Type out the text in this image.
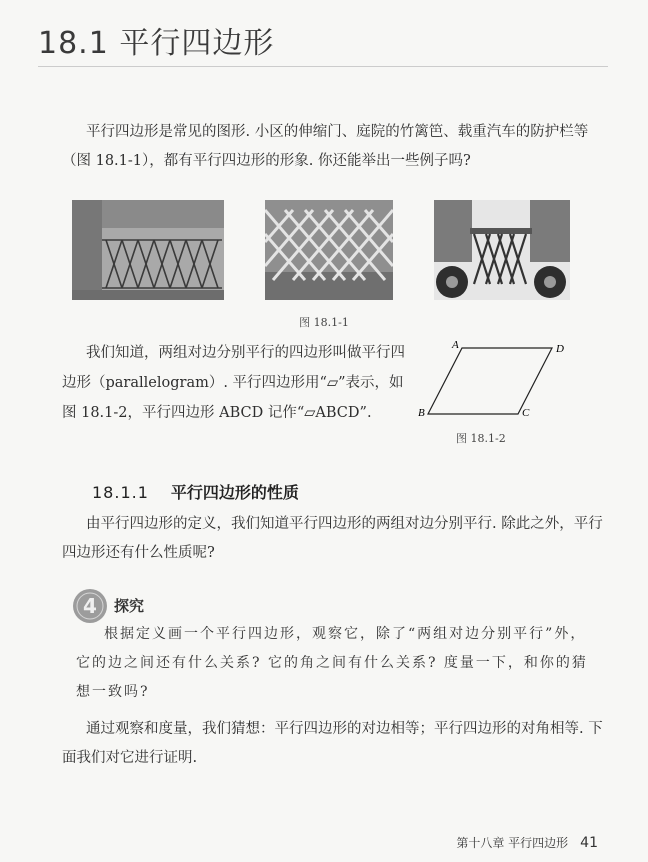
18.1 平行四边形
平行四边形是常见的图形. 小区的伸缩门、庭院的竹篱笆、载重汽车的防护栏等（图 18.1-1），都有平行四边形的形象. 你还能举出一些例子吗?
图 18.1-1
我们知道，两组对边分别平行的四边形叫做平行四边形（parallelogram）. 平行四边形用“▱”表示，如图 18.1-2，平行四边形 ABCD 记作“▱ABCD”.
A	D
B	C
图 18.1-2
18.1.1 平行四边形的性质
由平行四边形的定义，我们知道平行四边形的两组对边分别平行. 除此之外，平行四边形还有什么性质呢?
4 探究
根据定义画一个平行四边形，观察它，除了“两组对边分别平行”外，它的边之间还有什么关系? 它的角之间有什么关系? 度量一下，和你的猜想一致吗?
通过观察和度量，我们猜想：平行四边形的对边相等；平行四边形的对角相等. 下面我们对它进行证明.
第十八章 平行四边形 41
